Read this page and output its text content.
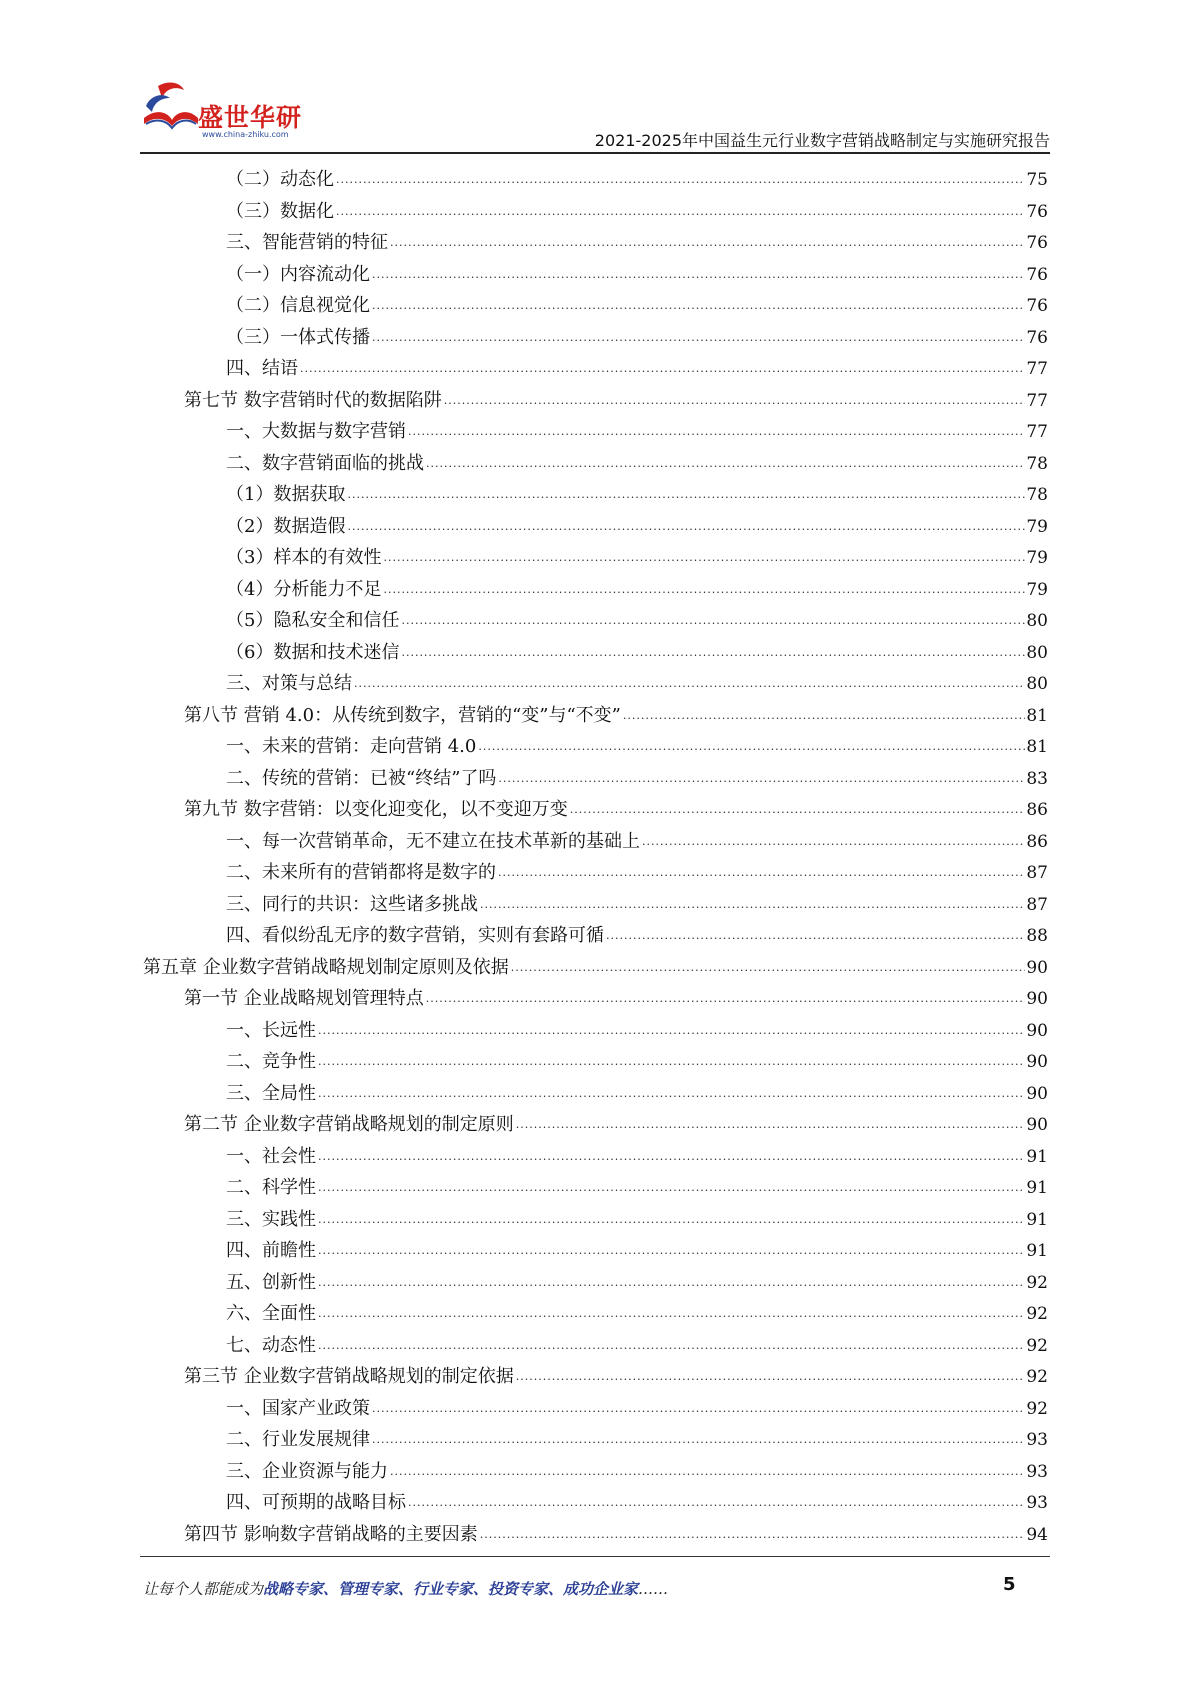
盛世华研
www.china-zhiku.com	2021-2025年中国益生元行业数字营销战略制定与实施研究报告
（二）动态化 .....	75
（三）数据化 .....	76
三、智能营销的特征 .....	76
（一）内容流动化 .....	76
（二）信息视觉化 .....	76
（三）一体式传播 .....	76
四、结语 .....	77
第七节 数字营销时代的数据陷阱 .....	77
一、大数据与数字营销 .....	77
二、数字营销面临的挑战 .....	78
（1）数据获取 .....	78
（2）数据造假 .....	79
（3）样本的有效性 .....	79
（4）分析能力不足 .....	79
（5）隐私安全和信任 .....	80
（6）数据和技术迷信 .....	80
三、对策与总结 .....	80
第八节 营销 4.0：从传统到数字，营销的“变”与“不变” .....	81
一、未来的营销：走向营销 4.0 .....	81
二、传统的营销：已被“终结”了吗 .....	83
第九节 数字营销：以变化迎变化，以不变迎万变 .....	86
一、每一次营销革命，无不建立在技术革新的基础上 .....	86
二、未来所有的营销都将是数字的 .....	87
三、同行的共识：这些诸多挑战 .....	87
四、看似纷乱无序的数字营销，实则有套路可循 .....	88
第五章 企业数字营销战略规划制定原则及依据 .....	90
第一节 企业战略规划管理特点 .....	90
一、长远性 .....	90
二、竞争性 .....	90
三、全局性 .....	90
第二节 企业数字营销战略规划的制定原则 .....	90
一、社会性 .....	91
二、科学性 .....	91
三、实践性 .....	91
四、前瞻性 .....	91
五、创新性 .....	92
六、全面性 .....	92
七、动态性 .....	92
第三节 企业数字营销战略规划的制定依据 .....	92
一、国家产业政策 .....	92
二、行业发展规律 .....	93
三、企业资源与能力 .....	93
四、可预期的战略目标 .....	93
第四节 影响数字营销战略的主要因素 .....	94
让每个人都能成为战略专家、管理专家、行业专家、投资专家、成功企业家……	5
